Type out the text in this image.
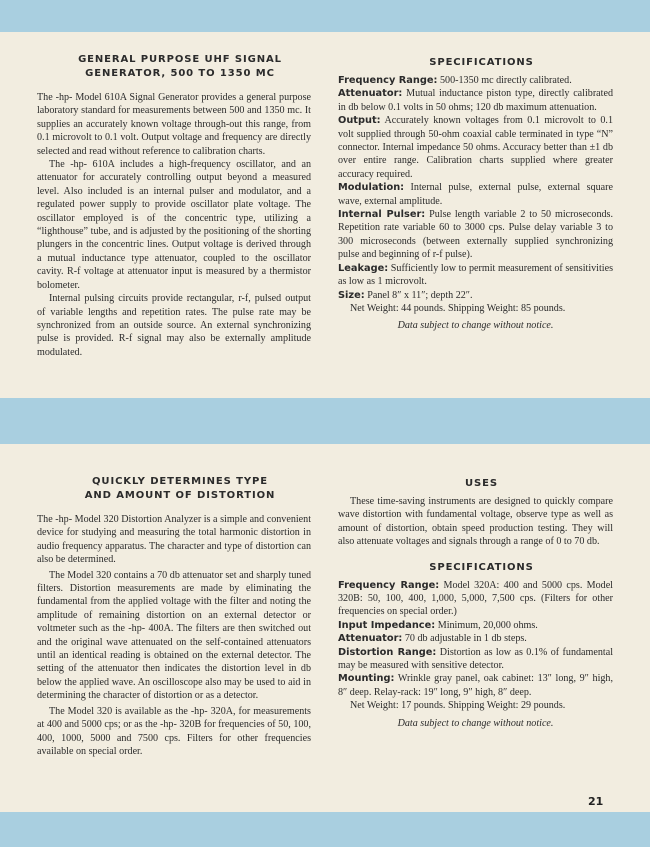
GENERAL PURPOSE UHF SIGNAL

GENERATOR, 500 TO 1350 MC

The -hp- Model 610A Signal Generator provides a general purpose laboratory standard for measurements between 500 and 1350 mc. It supplies an accurately known voltage through-out this range, from 0.1 microvolt to 0.1 volt. Output voltage and frequency are directly selected and read without reference to calibration charts.

The -hp- 610A includes a high-frequency oscillator, and an attenuator for accurately controlling output beyond a measured level. Also included is an internal pulser and modulator, and a regulated power supply to provide oscillator plate voltage. The oscillator employed is of the concentric type, utilizing a “lighthouse” tube, and is adjusted by the positioning of the shorting plungers in the concentric lines. Output voltage is derived through a mutual inductance type attenuator, coupled to the oscillator cavity. R-f voltage at attenuator input is measured by a thermistor bolometer.

Internal pulsing circuits provide rectangular, r-f, pulsed output of variable lengths and repetition rates. The pulse rate may be synchronized from an outside source. An external synchronizing pulse is provided. R-f signal may also be externally amplitude modulated.

SPECIFICATIONS

Frequency Range: 500-1350 mc directly calibrated.

Attenuator: Mutual inductance piston type, directly calibrated in db below 0.1 volts in 50 ohms; 120 db maximum attenuation.

Output: Accurately known voltages from 0.1 microvolt to 0.1 volt supplied through 50-ohm coaxial cable terminated in type “N” connector. Internal impedance 50 ohms. Accuracy better than ±1 db over entire range. Calibration charts supplied where greater accuracy required.

Modulation: Internal pulse, external pulse, external square wave, external amplitude.

Internal Pulser: Pulse length variable 2 to 50 microseconds. Repetition rate variable 60 to 3000 cps. Pulse delay variable 3 to 300 microseconds (between externally supplied synchronizing pulse and beginning of r-f pulse).

Leakage: Sufficiently low to permit measurement of sensitivities as low as 1 microvolt.

Size: Panel 8″ x 11″; depth 22″.

Net Weight: 44 pounds. Shipping Weight: 85 pounds.

Data subject to change without notice.

QUICKLY DETERMINES TYPE

AND AMOUNT OF DISTORTION

The -hp- Model 320 Distortion Analyzer is a simple and convenient device for studying and measuring the total harmonic distortion in audio frequency apparatus. The character and type of distortion can also be determined.

The Model 320 contains a 70 db attenuator set and sharply tuned filters. Distortion measurements are made by eliminating the fundamental from the applied voltage with the filter and noting the amplitude of remaining distortion on an external detector or voltmeter such as the -hp- 400A. The filters are then switched out and the original wave attenuated on the self-contained attenuators until an identical reading is obtained on the external detector. The setting of the attenuator then indicates the distortion level in db below the applied wave. An oscilloscope also may be used to aid in determining the character of distortion or as a detector.

The Model 320 is available as the -hp- 320A, for measurements at 400 and 5000 cps; or as the -hp- 320B for frequencies of 50, 100, 400, 1000, 5000 and 7500 cps. Filters for other frequencies available on special order.

USES

These time-saving instruments are designed to quickly compare wave distortion with fundamental voltage, observe type as well as amount of distortion, obtain speed production testing. They will also attenuate voltages and signals through a range of 0 to 70 db.

SPECIFICATIONS

Frequency Range: Model 320A: 400 and 5000 cps. Model 320B: 50, 100, 400, 1,000, 5,000, 7,500 cps. (Filters for other frequencies on special order.)

Input Impedance: Minimum, 20,000 ohms.

Attenuator: 70 db adjustable in 1 db steps.

Distortion Range: Distortion as low as 0.1% of fundamental may be measured with sensitive detector.

Mounting: Wrinkle gray panel, oak cabinet: 13″ long, 9″ high, 8″ deep. Relay-rack: 19″ long, 9″ high, 8″ deep.

Net Weight: 17 pounds. Shipping Weight: 29 pounds.

Data subject to change without notice.

21
